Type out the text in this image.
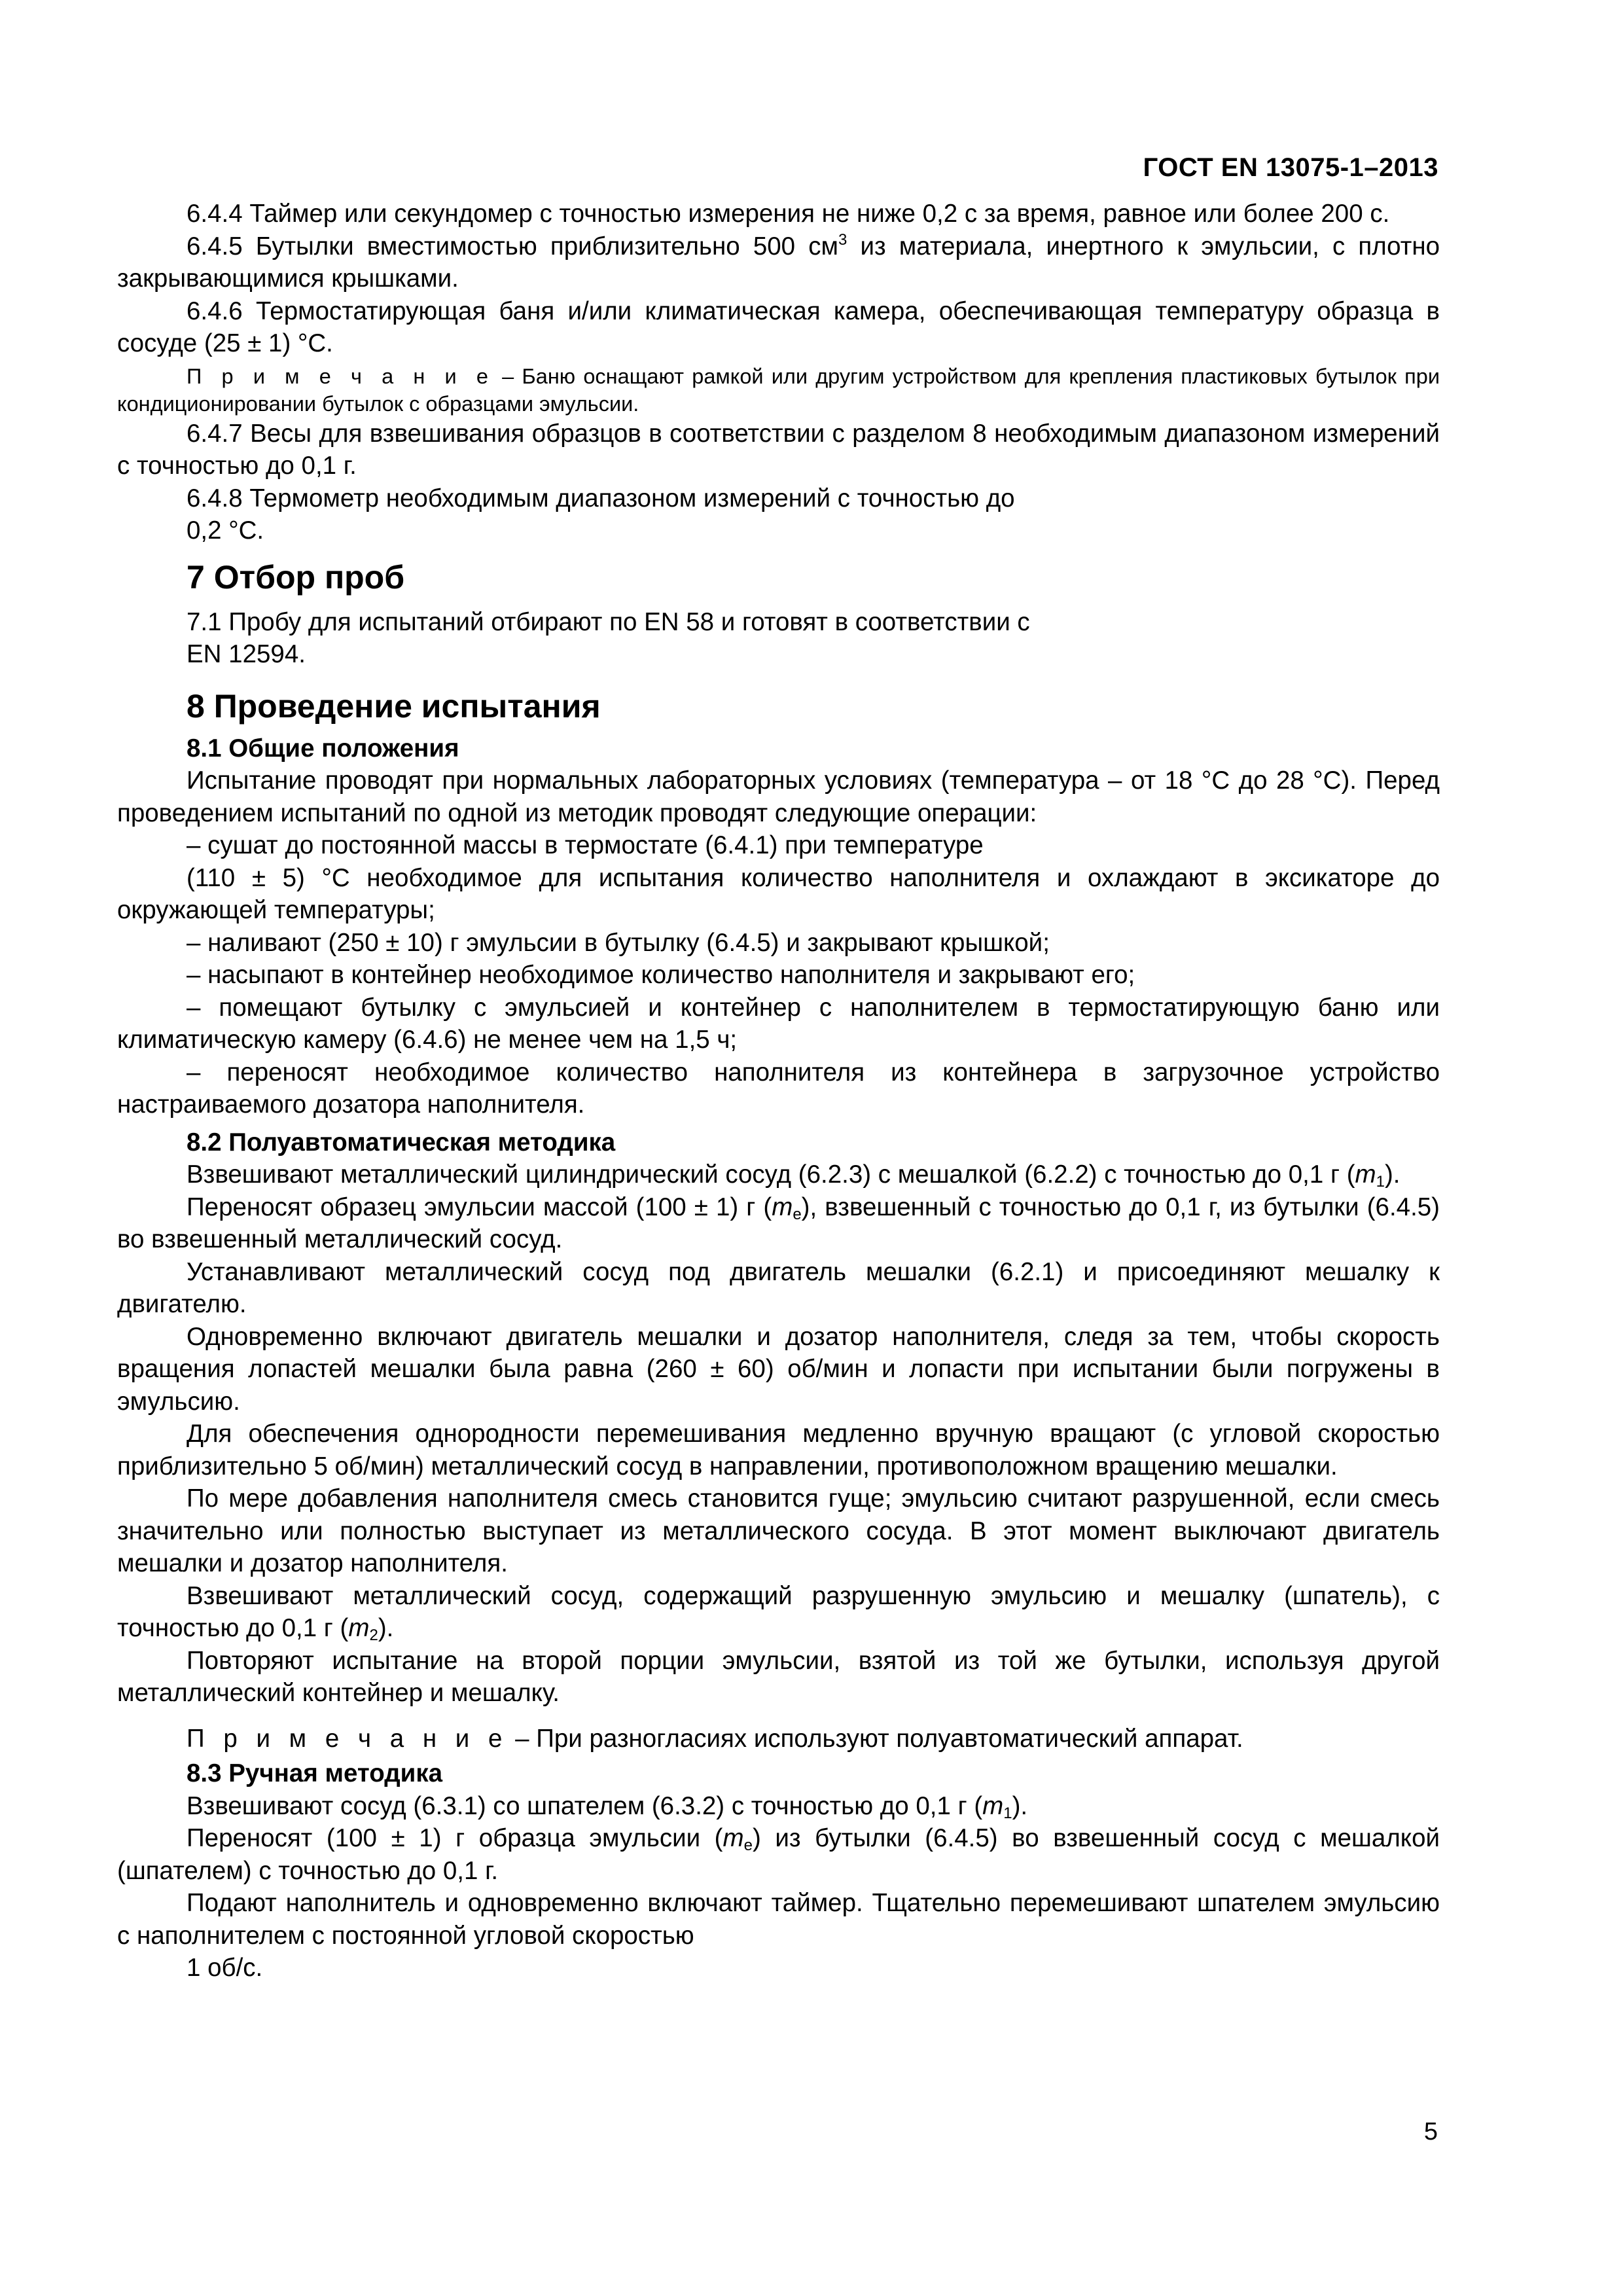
ГОСТ EN 13075-1–2013

6.4.4 Таймер или секундомер с точностью измерения не ниже 0,2 с за время, равное или более 200 с.

6.4.5 Бутылки вместимостью приблизительно 500 $см^3$ из материала, инертного к эмульсии, с плотно закрывающимися крышками.

6.4.6 Термостатирующая баня и/или климатическая камера, обеспечивающая температуру образца в сосуде (25 ± 1) °C.

П р и м е ч а н и е – Баню оснащают рамкой или другим устройством для крепления пластиковых бутылок при кондиционировании бутылок с образцами эмульсии.

6.4.7 Весы для взвешивания образцов в соответствии с разделом 8 необходимым диапазоном измерений с точностью до 0,1 г.

6.4.8 Термометр необходимым диапазоном измерений с точностью до
0,2 °C.

7 Отбор проб

7.1 Пробу для испытаний отбирают по EN 58 и готовят в соответствии с
EN 12594.

8 Проведение испытания
8.1 Общие положения

Испытание проводят при нормальных лабораторных условиях (температура – от 18 °C до 28 °C). Перед проведением испытаний по одной из методик проводят следующие операции:

– сушат до постоянной массы в термостате (6.4.1) при температуре

(110 ± 5) °C необходимое для испытания количество наполнителя и охлаждают в эксикаторе до окружающей температуры;

– наливают (250 ± 10) г эмульсии в бутылку (6.4.5) и закрывают крышкой;

– насыпают в контейнер необходимое количество наполнителя и закрывают его;

– помещают бутылку с эмульсией и контейнер с наполнителем в термостатирующую баню или климатическую камеру (6.4.6) не менее чем на 1,5 ч;

– переносят необходимое количество наполнителя из контейнера в загрузочное устройство настраиваемого дозатора наполнителя.

8.2 Полуавтоматическая методика

Взвешивают металлический цилиндрический сосуд (6.2.3) с мешалкой (6.2.2) с точностью до 0,1 г $(m_1)$.

Переносят образец эмульсии массой (100 ± 1) г $(m_e)$, взвешенный с точностью до 0,1 г, из бутылки (6.4.5) во взвешенный металлический сосуд.

Устанавливают металлический сосуд под двигатель мешалки (6.2.1) и присоединяют мешалку к двигателю.

Одновременно включают двигатель мешалки и дозатор наполнителя, следя за тем, чтобы скорость вращения лопастей мешалки была равна (260 ± 60) об/мин и лопасти при испытании были погружены в эмульсию.

Для обеспечения однородности перемешивания медленно вручную вращают (с угловой скоростью приблизительно 5 об/мин) металлический сосуд в направлении, противоположном вращению мешалки.

По мере добавления наполнителя смесь становится гуще; эмульсию считают разрушенной, если смесь значительно или полностью выступает из металлического сосуда. В этот момент выключают двигатель мешалки и дозатор наполнителя.

Взвешивают металлический сосуд, содержащий разрушенную эмульсию и мешалку (шпатель), с точностью до 0,1 г $(m_2)$.

Повторяют испытание на второй порции эмульсии, взятой из той же бутылки, используя другой металлический контейнер и мешалку.

П р и м е ч а н и е – При разногласиях используют полуавтоматический аппарат.

8.3 Ручная методика

Взвешивают сосуд (6.3.1) со шпателем (6.3.2) с точностью до 0,1 г $(m_1)$.

Переносят (100 ± 1) г образца эмульсии $(m_e)$ из бутылки (6.4.5) во взвешенный сосуд с мешалкой (шпателем) с точностью до 0,1 г.

Подают наполнитель и одновременно включают таймер. Тщательно перемешивают шпателем эмульсию с наполнителем с постоянной угловой скоростью

1 об/с.

5
